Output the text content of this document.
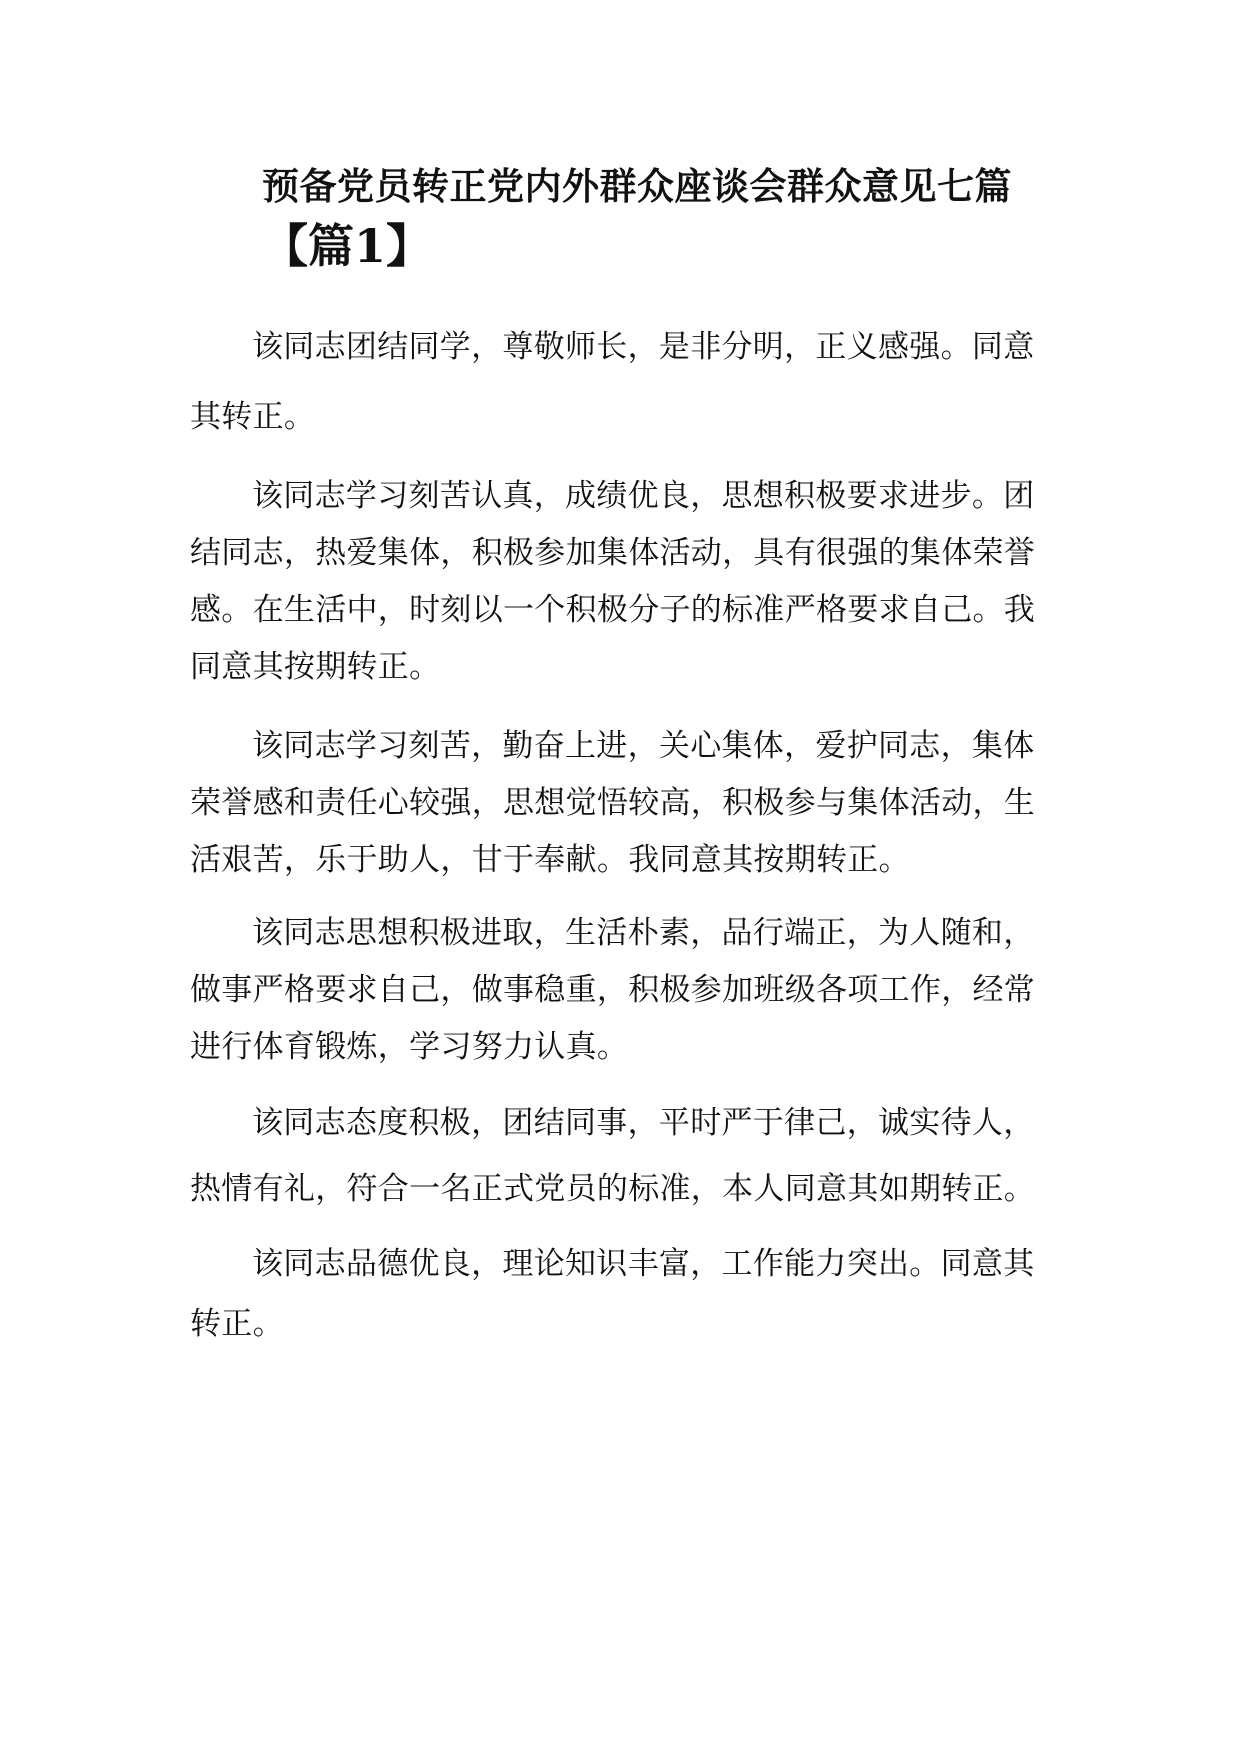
预备党员转正党内外群众座谈会群众意见七篇
【篇1】

该同志团结同学，尊敬师长，是非分明，正义感强。同意其转正。

该同志学习刻苦认真，成绩优良，思想积极要求进步。团结同志，热爱集体，积极参加集体活动，具有很强的集体荣誉感。在生活中，时刻以一个积极分子的标准严格要求自己。我同意其按期转正。

该同志学习刻苦，勤奋上进，关心集体，爱护同志，集体荣誉感和责任心较强，思想觉悟较高，积极参与集体活动，生活艰苦，乐于助人，甘于奉献。我同意其按期转正。

该同志思想积极进取，生活朴素，品行端正，为人随和，做事严格要求自己，做事稳重，积极参加班级各项工作，经常进行体育锻炼，学习努力认真。

该同志态度积极，团结同事，平时严于律己，诚实待人，热情有礼，符合一名正式党员的标准，本人同意其如期转正。

该同志品德优良，理论知识丰富，工作能力突出。同意其转正。
